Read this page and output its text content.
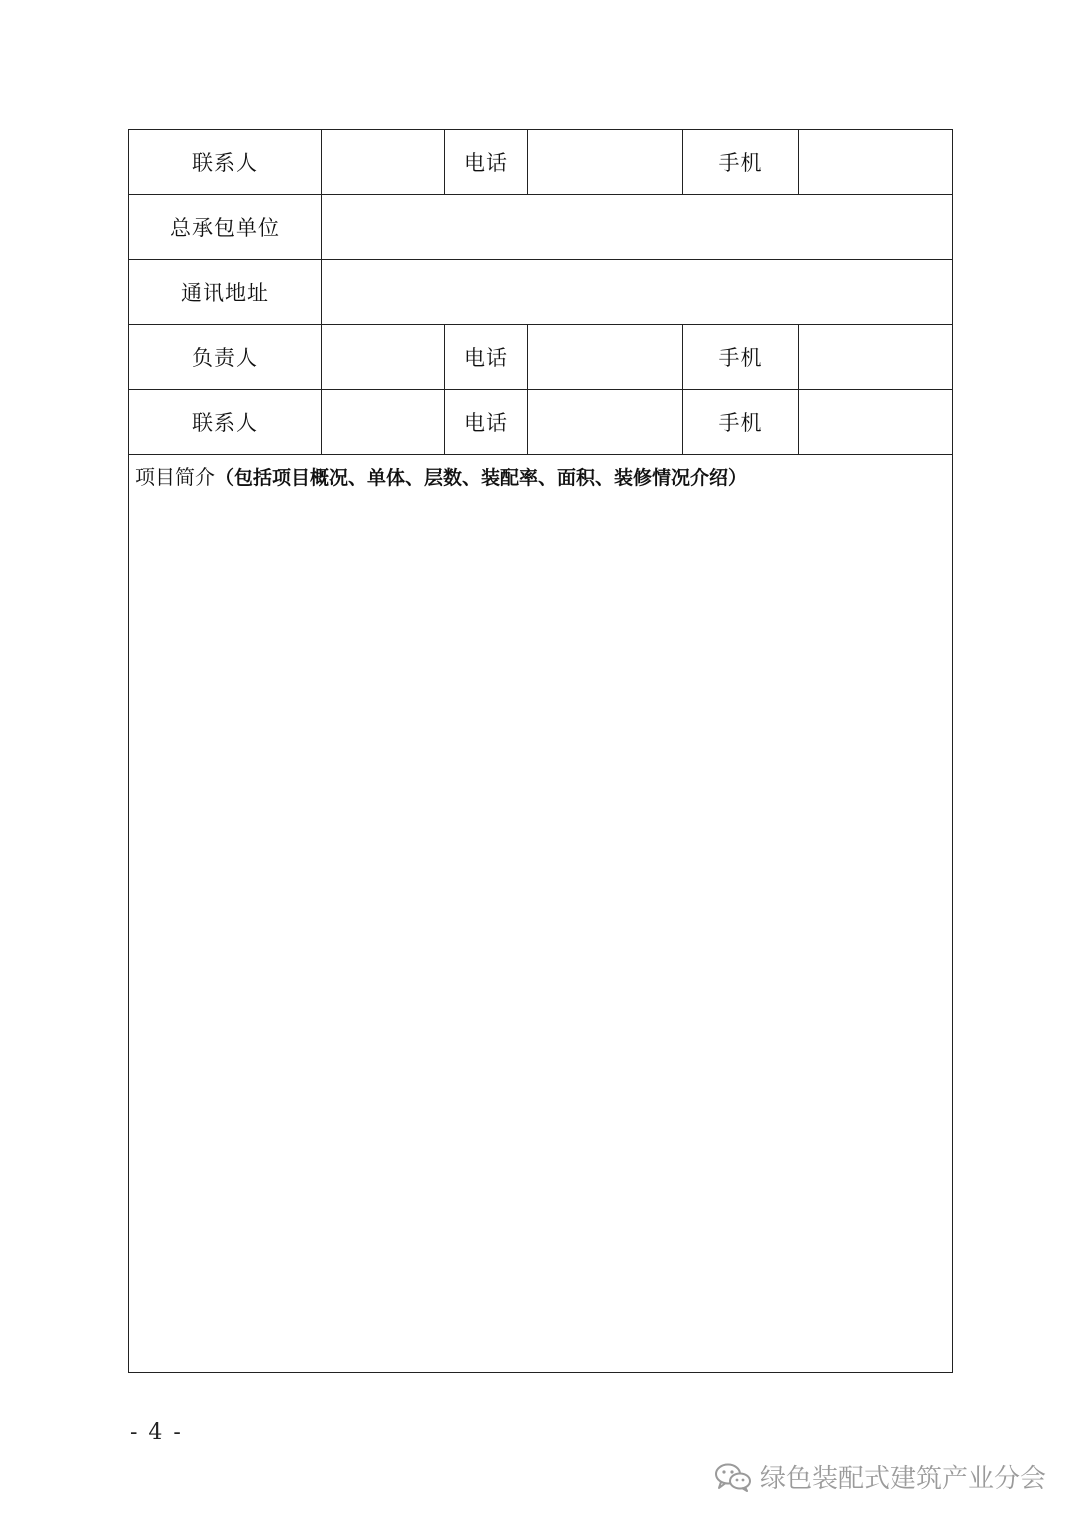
联系人		电话		手机	
总承包单位					
通讯地址					
负责人		电话		手机	
联系人		电话		手机	
项目简介（包括项目概况、单体、层数、装配率、面积、装修情况介绍）					
- 4 -
绿色装配式建筑产业分会
